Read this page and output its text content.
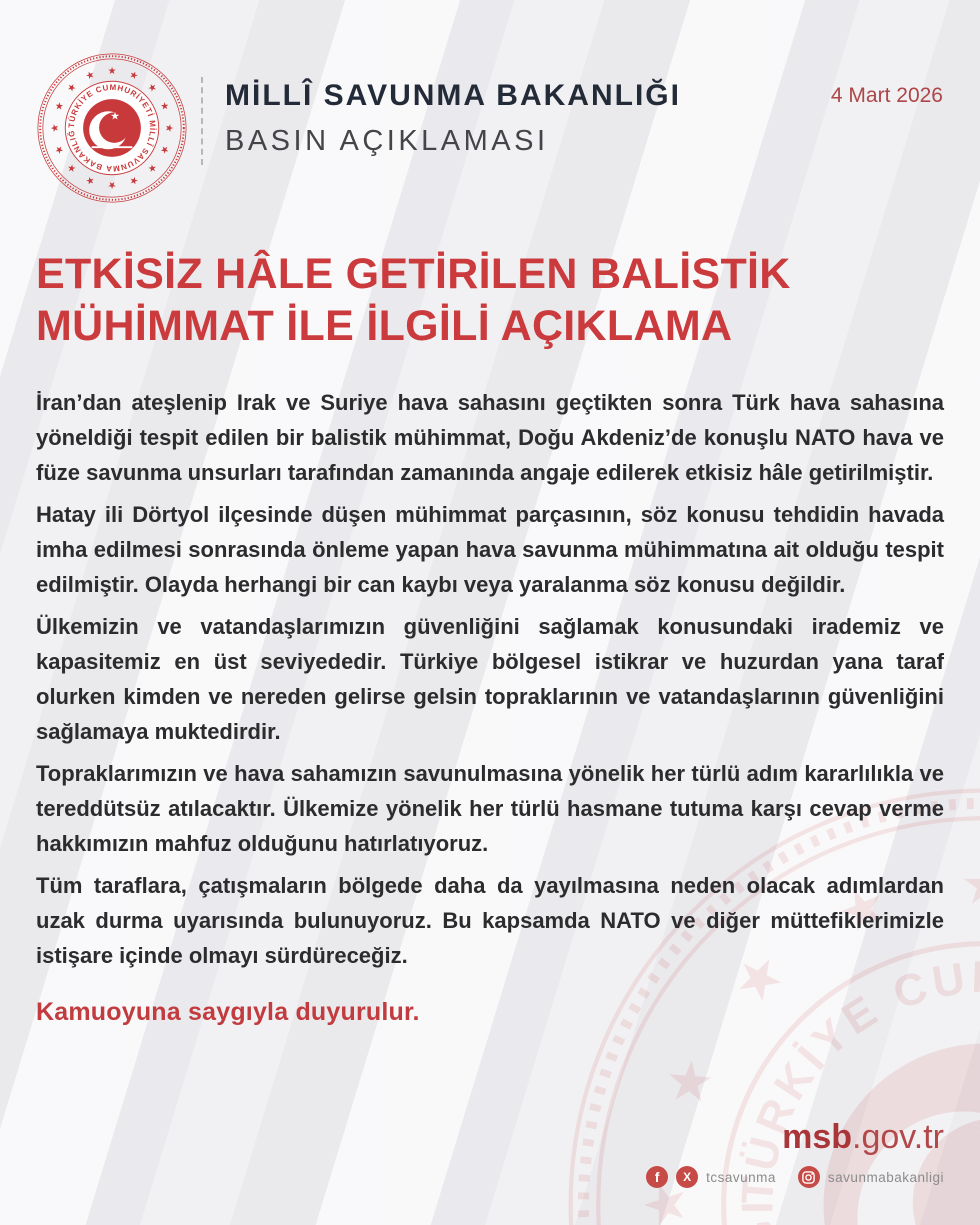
MİLLÎ SAVUNMA BAKANLIĞI
BASIN AÇIKLAMASI
4 Mart 2026
ETKİSİZ HÂLE GETİRİLEN BALİSTİK
MÜHİMMAT İLE İLGİLİ AÇIKLAMA

İran’dan ateşlenip Irak ve Suriye hava sahasını geçtikten sonra Türk hava sahasına yöneldiği tespit edilen bir balistik mühimmat, Doğu Akdeniz’de konuşlu NATO hava ve füze savunma unsurları tarafından zamanında angaje edilerek etkisiz hâle getirilmiştir.

Hatay ili Dörtyol ilçesinde düşen mühimmat parçasının, söz konusu tehdidin havada imha edilmesi sonrasında önleme yapan hava savunma mühimmatına ait olduğu tespit edilmiştir. Olayda herhangi bir can kaybı veya yaralanma söz konusu değildir.

Ülkemizin ve vatandaşlarımızın güvenliğini sağlamak konusundaki irademiz ve kapasitemiz en üst seviyededir. Türkiye bölgesel istikrar ve huzurdan yana taraf olurken kimden ve nereden gelirse gelsin topraklarının ve vatandaşlarının güvenliğini sağlamaya muktedirdir.

Topraklarımızın ve hava sahamızın savunulmasına yönelik her türlü adım kararlılıkla ve tereddütsüz atılacaktır. Ülkemize yönelik her türlü hasmane tutuma karşı cevap verme hakkımızın mahfuz olduğunu hatırlatıyoruz.

Tüm taraflara, çatışmaların bölgede daha da yayılmasına neden olacak adımlardan uzak durma uyarısında bulunuyoruz. Bu kapsamda NATO ve diğer müttefiklerimizle istişare içinde olmayı sürdüreceğiz.

Kamuoyuna saygıyla duyurulur.

msb.gov.tr
f	X	tcsavunma	savunmabakanligi
